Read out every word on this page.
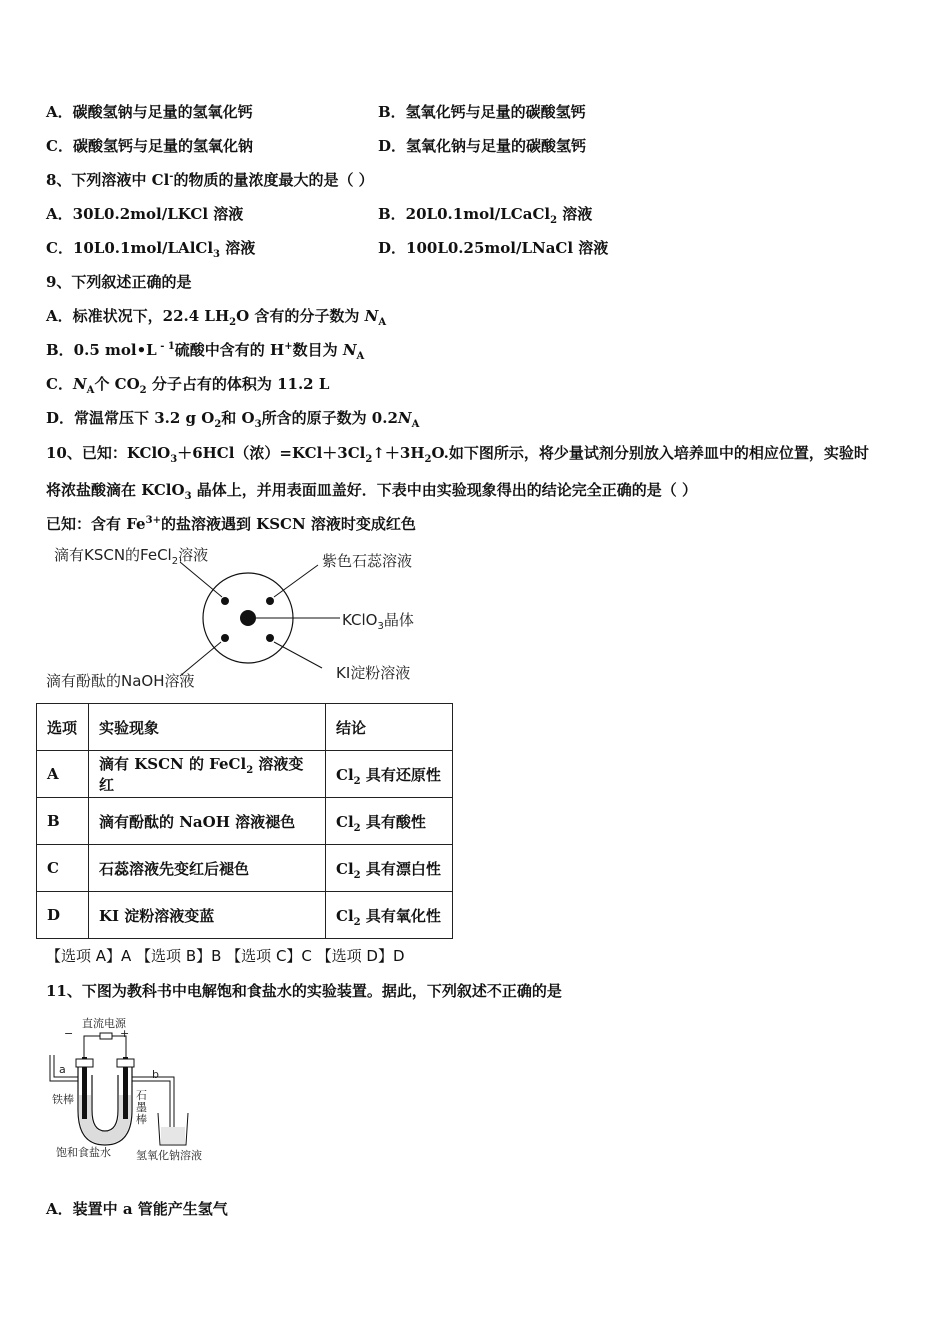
A．碳酸氢钠与足量的氢氧化钙	B．氢氧化钙与足量的碳酸氢钙
C．碳酸氢钙与足量的氢氧化钠	D．氢氧化钠与足量的碳酸氢钙
8、下列溶液中 Cl-的物质的量浓度最大的是（ ）
A．30L0.2mol/LKCl 溶液	B．20L0.1mol/LCaCl$_2$ 溶液
C．10L0.1mol/LAlCl$_3$ 溶液	D．100L0.25mol/LNaCl 溶液
9、下列叙述正确的是
A．标准状况下，22.4 $LH_2O$ 含有的分子数为 $N_A$
B．0.5 mol•L $^{- 1}$硫酸中含有的 H+数目为 $N_A$
C．$N_A$个 $CO_2$ 分子占有的体积为 11.2 L
D．常温常压下 3.2 g $O_2$和 $O_3$所含的原子数为 $0.2N_A$
10、已知：KClO$_3$＋6HCl（浓）$=KCl+3Cl_2↑+3H_2O$.如下图所示，将少量试剂分别放入培养皿中的相应位置，实验时
将浓盐酸滴在 KClO$_3$ 晶体上，并用表面皿盖好．下表中由实验现象得出的结论完全正确的是（ ）
已知：含有 $Fe^{3+}$的盐溶液遇到 KSCN 溶液时变成红色
滴有KSCN的FeCl$_2$溶液	紫色石蕊溶液
KClO$_3$晶体
KI淀粉溶液
滴有酚酞的NaOH溶液
选项	实验现象	结论
A	滴有 KSCN 的 FeCl$_2$ 溶液变红	$Cl_2$ 具有还原性
B	滴有酚酞的 NaOH 溶液褪色	$Cl_2$ 具有酸性
C	石蕊溶液先变红后褪色	$Cl_2$ 具有漂白性
D	KI 淀粉溶液变蓝	$Cl_2$ 具有氧化性
【选项 A】A 【选项 B】B 【选项 C】C 【选项 D】D
11、下图为教科书中电解饱和食盐水的实验装置。据此，下列叙述不正确的是
直流电源
−	+
a	b
铁棒	石
墨
棒
饱和食盐水 氢氧化钠溶液
A．装置中 a 管能产生氢气
